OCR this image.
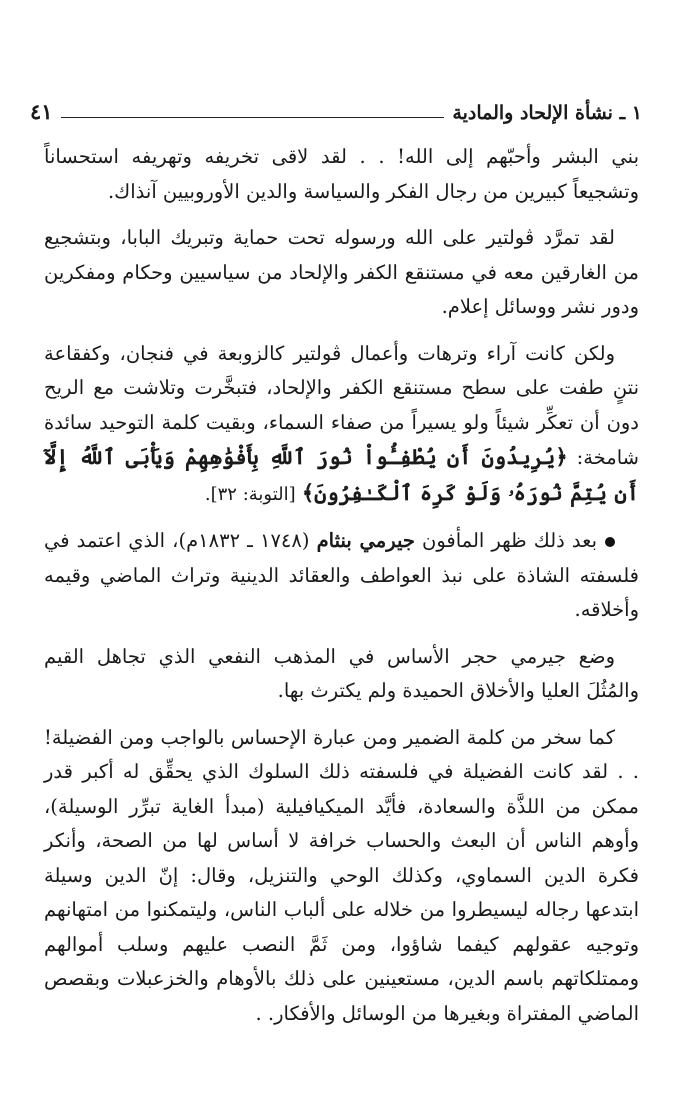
١ ـ نشأة الإلحاد والمادية
٤١

بني البشر وأحبّهم إلى الله! . . لقد لاقى تخريفه وتهريفه استحساناً وتشجيعاً كبيرين من رجال الفكر والسياسة والدين الأوروبيين آنذاك.

لقد تمرَّد ڤولتير على الله ورسوله تحت حماية وتبريك البابا، وبتشجيع من الغارقين معه في مستنقع الكفر والإلحاد من سياسيين وحكام ومفكرين ودور نشر ووسائل إعلام.

ولكن كانت آراء وترهات وأعمال ڤولتير كالزوبعة في فنجان، وكفقاعة نتنٍ طفت على سطح مستنقع الكفر والإلحاد، فتبخَّرت وتلاشت مع الريح دون أن تعكِّر شيئاً ولو يسيراً من صفاء السماء، وبقيت كلمة التوحيد سائدة شامخة: ﴿يُرِيدُونَ أَن يُطْفِـُٔواْ نُورَ ٱللَّهِ بِأَفْوَٰهِهِمْ وَيَأْبَى ٱللَّهُ إِلَّآ أَن يُتِمَّ نُورَهُۥ وَلَوْ كَرِهَ ٱلْكَـٰفِرُونَ﴾ [التوبة: ٣٢].

بعد ذلك ظهر المأفون جيرمي بنثام (١٧٤٨ ـ ١٨٣٢م)، الذي اعتمد في فلسفته الشاذة على نبذ العواطف والعقائد الدينية وتراث الماضي وقيمه وأخلاقه.

وضع جيرمي حجر الأساس في المذهب النفعي الذي تجاهل القيم والمُثُلَ العليا والأخلاق الحميدة ولم يكترث بها.

كما سخر من كلمة الضمير ومن عبارة الإحساس بالواجب ومن الفضيلة! . . لقد كانت الفضيلة في فلسفته ذلك السلوك الذي يحقِّق له أكبر قدر ممكن من اللذَّة والسعادة، فأيَّد الميكيافيلية (مبدأ الغاية تبرِّر الوسيلة)، وأوهم الناس أن البعث والحساب خرافة لا أساس لها من الصحة، وأنكر فكرة الدين السماوي، وكذلك الوحي والتنزيل، وقال: إنّ الدين وسيلة ابتدعها رجاله ليسيطروا من خلاله على ألباب الناس، وليتمكنوا من امتهانهم وتوجيه عقولهم كيفما شاؤوا، ومن ثَمَّ النصب عليهم وسلب أموالهم وممتلكاتهم باسم الدين، مستعينين على ذلك بالأوهام والخزعبلات وبقصص الماضي المفتراة وبغيرها من الوسائل والأفكار. .
